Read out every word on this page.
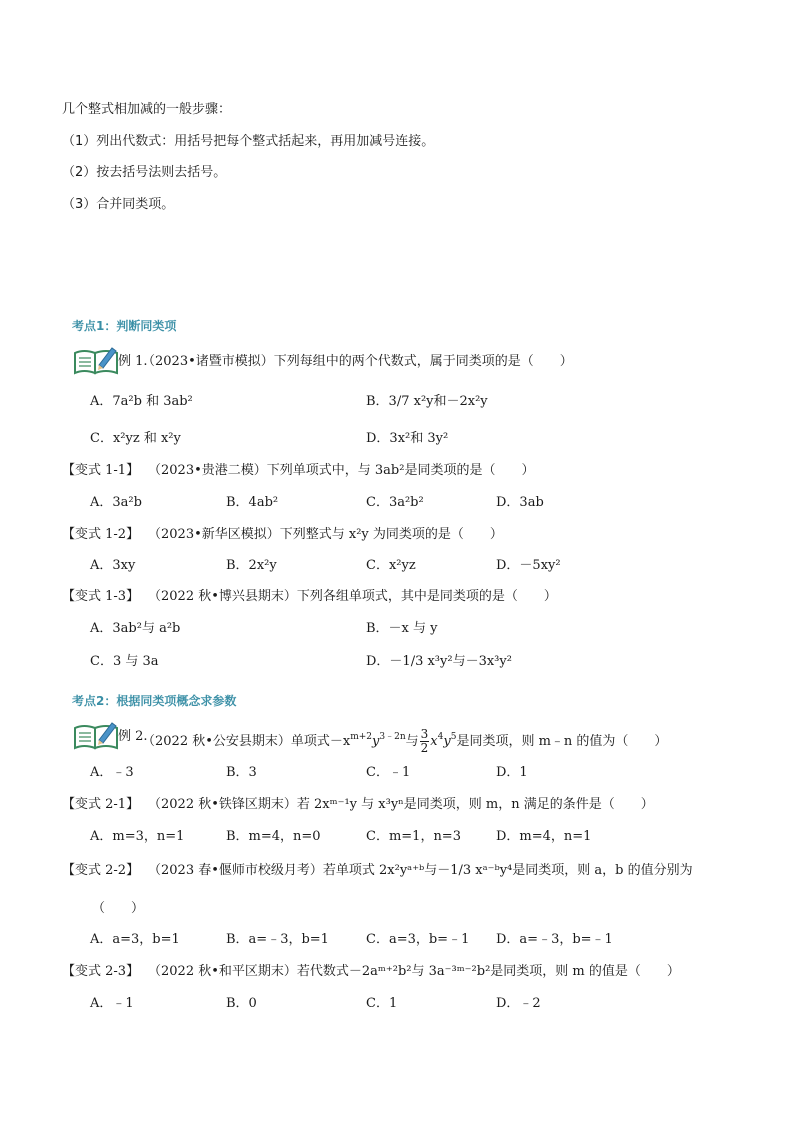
几个整式相加减的一般步骤：
（1）列出代数式：用括号把每个整式括起来，再用加减号连接。
（2）按去括号法则去括号。
（3）合并同类项。
考点1：判断同类项
例 1.
（2023•诸暨市模拟）下列每组中的两个代数式，属于同类项的是（　　）
A．7a²b 和 3ab²	B．3/7 x²y和－2x²y
C．x²yz 和 x²y	D．3x²和 3y²
【变式 1-1】 （2023•贵港二模）下列单项式中，与 3ab²是同类项的是（　　）
A．3a²b	B．4ab²	C．3a²b²	D．3ab
【变式 1-2】 （2023•新华区模拟）下列整式与 x²y 为同类项的是（　　）
A．3xy	B．2x²y	C．x²yz	D．－5xy²
【变式 1-3】 （2022 秋•博兴县期末）下列各组单项式，其中是同类项的是（　　）
A．3ab²与 a²b	B．－x 与 y
C．3 与 3a	D．－1/3 x³y²与－3x³y²
考点2：根据同类项概念求参数
例 2.
（2022 秋•公安县期末）单项式$-x^{m+2}y^{3﹣2n}$与 $\frac{3}{2} x^4y^5$是同类项，则 m﹣n 的值为（　　）
A．﹣3	B．3	C．﹣1	D．1
【变式 2-1】 （2022 秋•铁锋区期末）若 2xᵐ⁻¹y 与 x³yⁿ是同类项，则 m，n 满足的条件是（　　）
A．m=3，n=1	B．m=4，n=0	C．m=1，n=3	D．m=4，n=1
【变式 2-2】 （2023 春•偃师市校级月考）若单项式 2x²yᵃ⁺ᵇ与－1/3 xᵃ⁻ᵇy⁴是同类项，则 a，b 的值分别为
（　　）
A．a=3，b=1	B．a=﹣3，b=1	C．a=3，b=﹣1 D．a=﹣3，b=﹣1
【变式 2-3】 （2022 秋•和平区期末）若代数式－2aᵐ⁺²b²与 3a⁻³ᵐ⁻²b²是同类项，则 m 的值是（　　）
A．﹣1	B．0	C．1	D．﹣2
